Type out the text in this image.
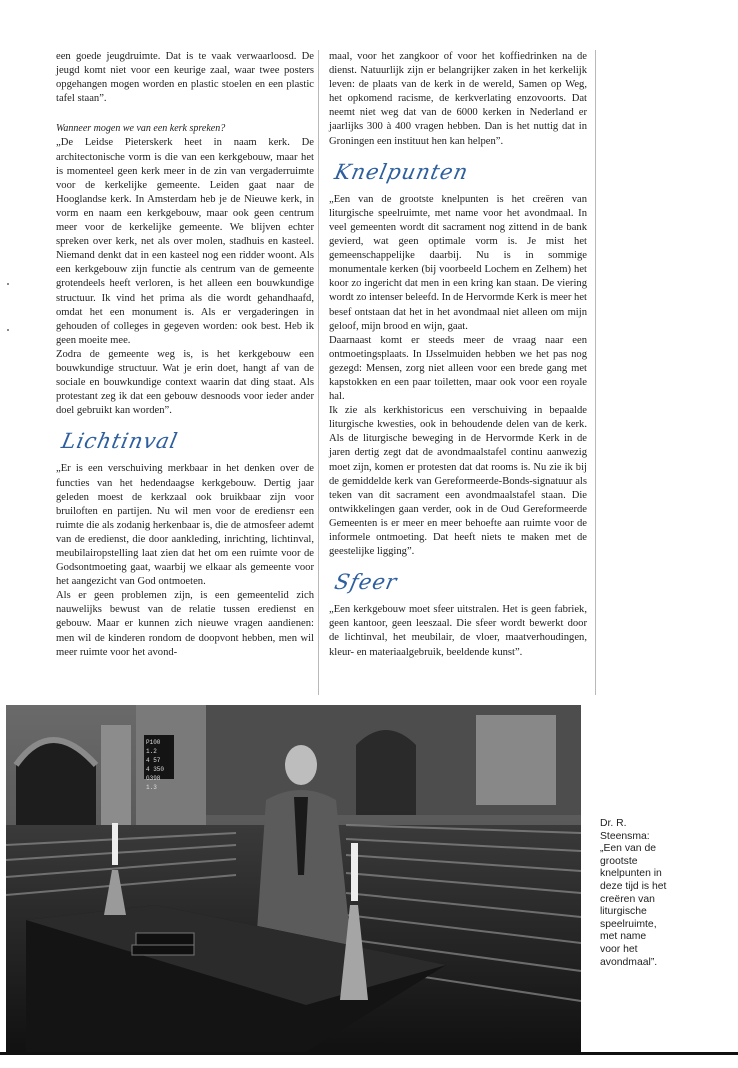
een goede jeugdruimte. Dat is te vaak verwaarloosd. De jeugd komt niet voor een keurige zaal, waar twee posters opgehangen mogen worden en plastic stoelen en een plastic tafel staan”.

Wanneer mogen we van een kerk spreken?

„De Leidse Pieterskerk heet in naam kerk. De architectonische vorm is die van een kerkgebouw, maar het is momenteel geen kerk meer in de zin van vergaderruimte voor de kerkelijke gemeente. Leiden gaat naar de Hooglandse kerk. In Amsterdam heb je de Nieuwe kerk, in vorm en naam een kerkgebouw, maar ook geen centrum meer voor de kerkelijke gemeente. We blijven echter spreken over kerk, net als over molen, stadhuis en kasteel. Niemand denkt dat in een kasteel nog een ridder woont. Als een kerkgebouw zijn functie als centrum van de gemeente grotendeels heeft verloren, is het alleen een bouwkundige structuur. Ik vind het prima als die wordt gehandhaafd, omdat het een monument is. Als er vergaderingen in gehouden of colleges in gegeven worden: ook best. Heb ik geen moeite mee.

Zodra de gemeente weg is, is het kerkgebouw een bouwkundige structuur. Wat je erin doet, hangt af van de sociale en bouwkundige context waarin dat ding staat. Als protestant zeg ik dat een gebouw desnoods voor ieder ander doel gebruikt kan worden”.

Lichtinval

„Er is een verschuiving merkbaar in het denken over de functies van het hedendaagse kerkgebouw. Dertig jaar geleden moest de kerkzaal ook bruikbaar zijn voor bruiloften en partijen. Nu wil men voor de erediensт een ruimte die als zodanig herkenbaar is, die de atmosfeer ademt van de eredienst, die door aankleding, inrichting, lichtinval, meubilairopstelling laat zien dat het om een ruimte voor de Godsontmoeting gaat, waarbij we elkaar als gemeente voor het aangezicht van God ontmoeten.

Als er geen problemen zijn, is een gemeentelid zich nauwelijks bewust van de relatie tussen eredienst en gebouw. Maar er kunnen zich nieuwe vragen aandienen: men wil de kinderen rondom de doopvont hebben, men wil meer ruimte voor het avond-

maal, voor het zangkoor of voor het koffiedrinken na de dienst. Natuurlijk zijn er belangrijker zaken in het kerkelijk leven: de plaats van de kerk in de wereld, Samen op Weg, het opkomend racisme, de kerkverlating enzovoorts. Dat neemt niet weg dat van de 6000 kerken in Nederland er jaarlijks 300 à 400 vragen hebben. Dan is het nuttig dat in Groningen een instituut hen kan helpen”.

Knelpunten

„Een van de grootste knelpunten is het creëren van liturgische speelruimte, met name voor het avondmaal. In veel gemeenten wordt dit sacrament nog zittend in de bank gevierd, wat geen optimale vorm is. Je mist het gemeenschappelijke daarbij. Nu is in sommige monumentale kerken (bij voorbeeld Lochem en Zelhem) het koor zo ingericht dat men in een kring kan staan. De viering wordt zo intenser beleefd. In de Hervormde Kerk is meer het besef ontstaan dat het in het avondmaal niet alleen om mijn geloof, mijn brood en wijn, gaat.

Daarnaast komt er steeds meer de vraag naar een ontmoetingsplaats. In IJsselmuiden hebben we het pas nog gezegd: Mensen, zorg niet alleen voor een brede gang met kapstokken en een paar toiletten, maar ook voor een royale hal.

Ik zie als kerkhistoricus een verschuiving in bepaalde liturgische kwesties, ook in behoudende delen van de kerk. Als de liturgische beweging in de Hervormde Kerk in de jaren dertig zegt dat de avondmaalstafel continu aanwezig moet zijn, komen er protesten dat dat rooms is. Nu zie ik bij de gemiddelde kerk van Gereformeerde-Bonds-signatuur als teken van dit sacrament een avondmaalstafel staan. Die ontwikkelingen gaan verder, ook in de Oud Gereformeerde Gemeenten is er meer en meer behoefte aan ruimte voor de informele ontmoeting. Dat heeft niets te maken met de geestelijke ligging”.

Sfeer

„Een kerkgebouw moet sfeer uitstralen. Het is geen fabriek, geen kantoor, geen leeszaal. Die sfeer wordt bewerkt door de lichtinval, het meubilair, de vloer, maatverhoudingen, kleur- en materiaalgebruik, beeldende kunst”.

P100 1.2
4 57
4 350
G398 1.3
Dr. R. Steensma: „Een van de grootste knelpunten in deze tijd is het creëren van liturgische speelruimte, met name voor het avondmaal”.
